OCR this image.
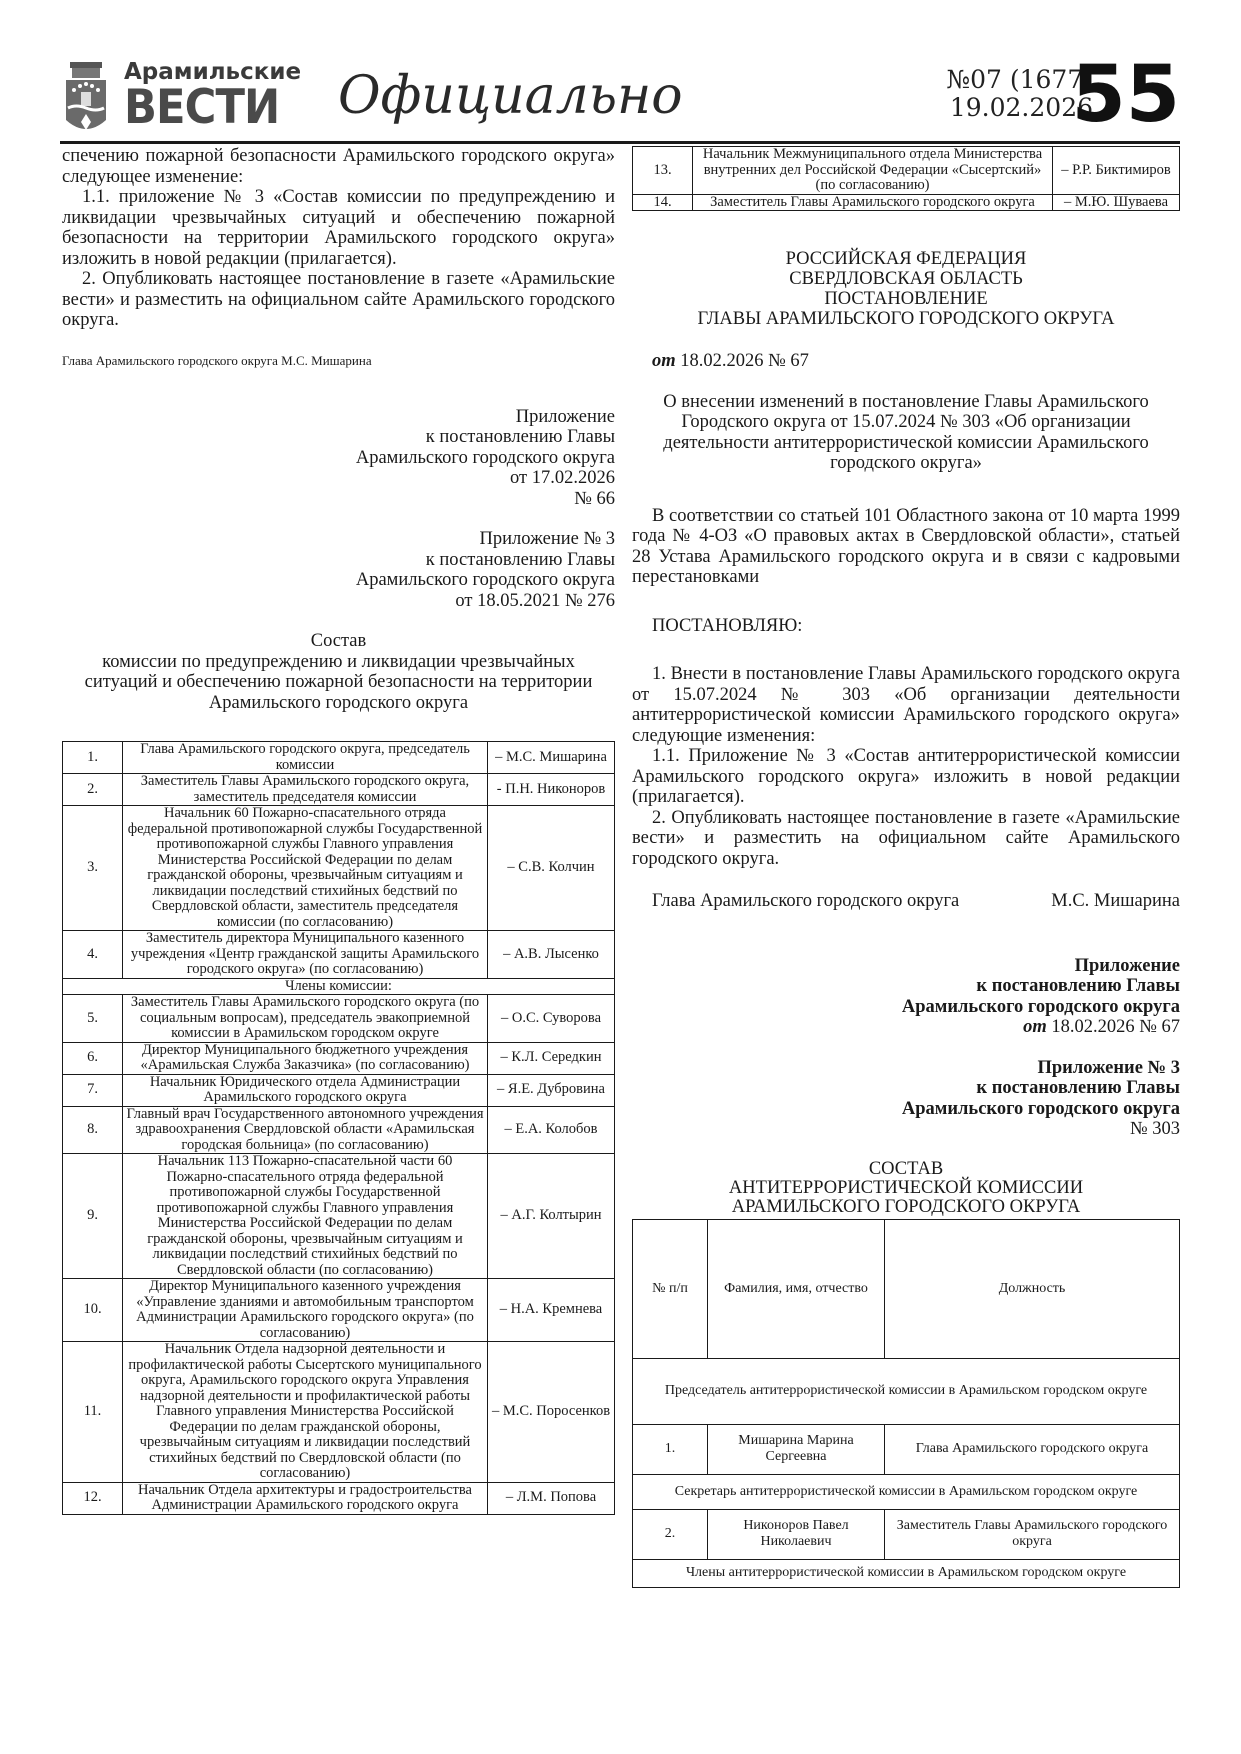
Арамильские
ВЕСТИ Официально	№07 (1677)
19.02.2026
55

спечению пожарной безопасности Арамильского городского округа» следующее изменение:

1.1. приложение № 3 «Состав комиссии по предупреждению и ликвидации чрезвычайных ситуаций и обеспечению пожарной безопасности на территории Арамильского городского округа» изложить в новой редакции (прилагается).

2. Опубликовать настоящее постановление в газете «Арамильские вести» и разместить на официальном сайте Арамильского городского округа.

Глава Арамильского городского округа М.С. Мишарина

Приложение
к постановлению Главы
Арамильского городского округа
от 17.02.2026
№ 66
Приложение № 3
к постановлению Главы
Арамильского городского округа
от 18.05.2021 № 276
Состав
комиссии по предупреждению и ликвидации чрезвычайных ситуаций и обеспечению пожарной безопасности на территории Арамильского городского округа
1.	Глава Арамильского городского округа, председатель комиссии	– М.С. Мишарина
2.	Заместитель Главы Арамильского городского округа, заместитель председателя комиссии	- П.Н. Никоноров
3.	Начальник 60 Пожарно-спасательного отряда федеральной противопожарной службы Государственной противопожарной службы Главного управления Министерства Российской Федерации по делам гражданской обороны, чрезвычайным ситуациям и ликвидации последствий стихийных бедствий по Свердловской области, заместитель председателя комиссии (по согласованию)	– С.В. Колчин
4.	Заместитель директора Муниципального казенного учреждения «Центр гражданской защиты Арамильского городского округа» (по согласованию)	– А.В. Лысенко
Члены комиссии:		
5.	Заместитель Главы Арамильского городского округа (по социальным вопросам), председатель эвакоприемной комиссии в Арамильском городском округе	– О.С. Суворова
6.	Директор Муниципального бюджетного учреждения «Арамильская Служба Заказчика» (по согласованию)	– К.Л. Середкин
7.	Начальник Юридического отдела Администрации Арамильского городского округа	– Я.Е. Дубровина
8.	Главный врач Государственного автономного учреждения здравоохранения Свердловской области «Арамильская городская больница» (по согласованию)	– Е.А. Колобов
9.	Начальник 113 Пожарно-спасательной части 60 Пожарно-спасательного отряда федеральной противопожарной службы Государственной противопожарной службы Главного управления Министерства Российской Федерации по делам гражданской обороны, чрезвычайным ситуациям и ликвидации последствий стихийных бедствий по Свердловской области (по согласованию)	– А.Г. Колтырин
10.	Директор Муниципального казенного учреждения «Управление зданиями и автомобильным транспортом Администрации Арамильского городского округа» (по согласованию)	– Н.А. Кремнева
11.	Начальник Отдела надзорной деятельности и профилактической работы Сысертского муниципального округа, Арамильского городского округа Управления надзорной деятельности и профилактической работы Главного управления Министерства Российской Федерации по делам гражданской обороны, чрезвычайным ситуациям и ликвидации последствий стихийных бедствий по Свердловской области (по согласованию)	– М.С. Поросенков
12.	Начальник Отдела архитектуры и градостроительства Администрации Арамильского городского округа	– Л.М. Попова
13.	Начальник Межмуниципального отдела Министерства внутренних дел Российской Федерации «Сысертский» (по согласованию)	– Р.Р. Биктимиров
14.	Заместитель Главы Арамильского городского округа	– М.Ю. Шуваева
РОССИЙСКАЯ ФЕДЕРАЦИЯ
СВЕРДЛОВСКАЯ ОБЛАСТЬ
ПОСТАНОВЛЕНИЕ
ГЛАВЫ АРАМИЛЬСКОГО ГОРОДСКОГО ОКРУГА

от 18.02.2026 № 67

О внесении изменений в постановление Главы Арамильского Городского округа от 15.07.2024 № 303 «Об организации деятельности антитеррористической комиссии Арамильского городского округа»

В соответствии со статьей 101 Областного закона от 10 марта 1999 года № 4-ОЗ «О правовых актах в Свердловской области», статьей 28 Устава Арамильского городского округа и в связи с кадровыми перестановками

ПОСТАНОВЛЯЮ:

1. Внести в постановление Главы Арамильского городского округа от 15.07.2024 № 303 «Об организации деятельности антитеррористической комиссии Арамильского городского округа» следующие изменения:

1.1. Приложение № 3 «Состав антитеррористической комиссии Арамильского городского округа» изложить в новой редакции (прилагается).

2. Опубликовать настоящее постановление в газете «Арамильские вести» и разместить на официальном сайте Арамильского городского округа.

Глава Арамильского городского округа	М.С. Мишарина

Приложение
к постановлению Главы
Арамильского городского округа
от 18.02.2026 № 67
Приложение № 3
к постановлению Главы
Арамильского городского округа
№ 303
СОСТАВ
АНТИТЕРРОРИСТИЧЕСКОЙ КОМИССИИ
АРАМИЛЬСКОГО ГОРОДСКОГО ОКРУГА
№ п/п	Фамилия, имя, отчество	Должность
Председатель антитеррористической комиссии в Арамильском городском округе		
1.	Мишарина Марина Сергеевна	Глава Арамильского городского округа
Секретарь антитеррористической комиссии в Арамильском городском округе		
2.	Никоноров Павел Николаевич	Заместитель Главы Арамильского городского округа
Члены антитеррористической комиссии в Арамильском городском округе		
